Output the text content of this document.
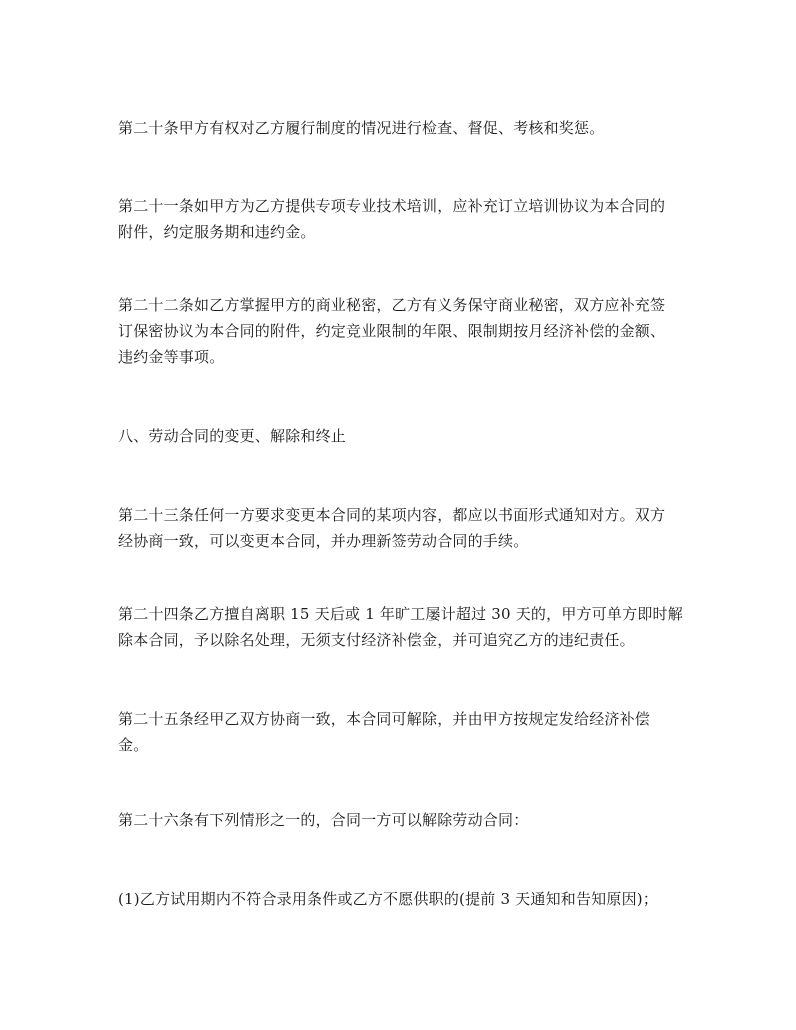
第二十条甲方有权对乙方履行制度的情况进行检查、督促、考核和奖惩。

第二十一条如甲方为乙方提供专项专业技术培训，应补充订立培训协议为本合同的
附件，约定服务期和违约金。

第二十二条如乙方掌握甲方的商业秘密，乙方有义务保守商业秘密，双方应补充签
订保密协议为本合同的附件，约定竞业限制的年限、限制期按月经济补偿的金额、
违约金等事项。

八、劳动合同的变更、解除和终止

第二十三条任何一方要求变更本合同的某项内容，都应以书面形式通知对方。双方
经协商一致，可以变更本合同，并办理新签劳动合同的手续。

第二十四条乙方擅自离职 15 天后或 1 年旷工屡计超过 30 天的，甲方可单方即时解
除本合同，予以除名处理，无须支付经济补偿金，并可追究乙方的违纪责任。

第二十五条经甲乙双方协商一致，本合同可解除，并由甲方按规定发给经济补偿
金。

第二十六条有下列情形之一的，合同一方可以解除劳动合同：

(1)乙方试用期内不符合录用条件或乙方不愿供职的(提前 3 天通知和告知原因)；
